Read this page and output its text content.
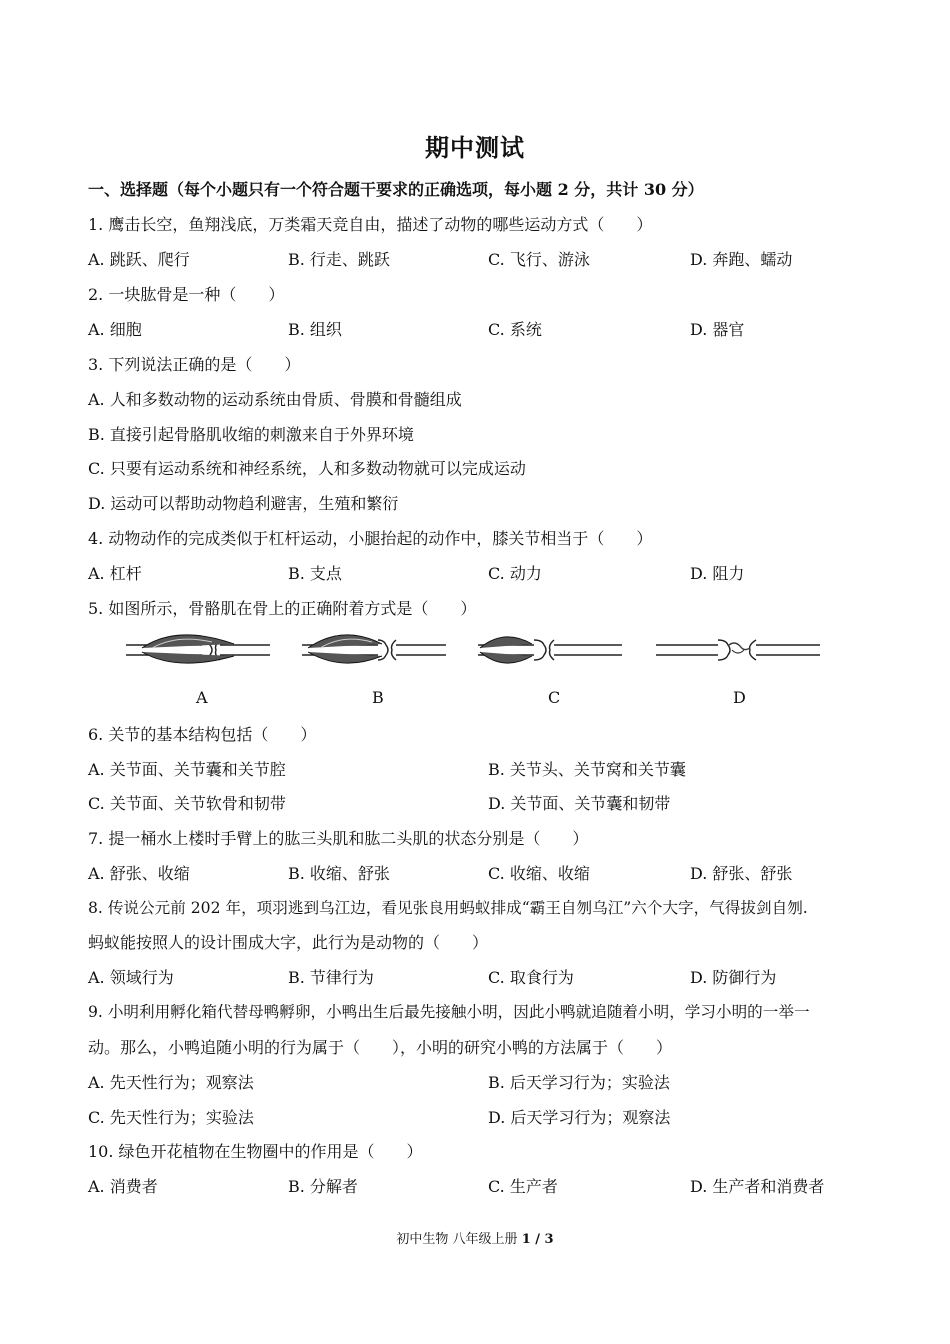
期中测试
一、选择题（每个小题只有一个符合题干要求的正确选项，每小题 2 分，共计 30 分）
1. 鹰击长空，鱼翔浅底，万类霜天竞自由，描述了动物的哪些运动方式（　　）
A. 跳跃、爬行	B. 行走、跳跃	C. 飞行、游泳	D. 奔跑、蠕动
2. 一块肱骨是一种（　　）
A. 细胞	B. 组织	C. 系统	D. 器官
3. 下列说法正确的是（　　）
A. 人和多数动物的运动系统由骨质、骨膜和骨髓组成
B. 直接引起骨胳肌收缩的刺激来自于外界环境
C. 只要有运动系统和神经系统，人和多数动物就可以完成运动
D. 运动可以帮助动物趋利避害，生殖和繁衍
4. 动物动作的完成类似于杠杆运动，小腿抬起的动作中，膝关节相当于（　　）
A. 杠杆	B. 支点	C. 动力	D. 阻力
5. 如图所示，骨骼肌在骨上的正确附着方式是（　　）
A	B	C	D
6. 关节的基本结构包括（　　）
A. 关节面、关节囊和关节腔	B. 关节头、关节窝和关节囊
C. 关节面、关节软骨和韧带	D. 关节面、关节囊和韧带
7. 提一桶水上楼时手臂上的肱三头肌和肱二头肌的状态分别是（　　）
A. 舒张、收缩	B. 收缩、舒张	C. 收缩、收缩	D. 舒张、舒张
8. 传说公元前 202 年，项羽逃到乌江边，看见张良用蚂蚁排成“霸王自刎乌江”六个大字，气得拔剑自刎.
蚂蚁能按照人的设计围成大字，此行为是动物的（　　）
A. 领域行为	B. 节律行为	C. 取食行为	D. 防御行为
9. 小明利用孵化箱代替母鸭孵卵，小鸭出生后最先接触小明，因此小鸭就追随着小明，学习小明的一举一
动。那么，小鸭追随小明的行为属于（　　），小明的研究小鸭的方法属于（　　）
A. 先天性行为；观察法	B. 后天学习行为；实验法
C. 先天性行为；实验法	D. 后天学习行为；观察法
10. 绿色开花植物在生物圈中的作用是（　　）
A. 消费者	B. 分解者	C. 生产者	D. 生产者和消费者
初中生物 八年级上册 1 / 3
